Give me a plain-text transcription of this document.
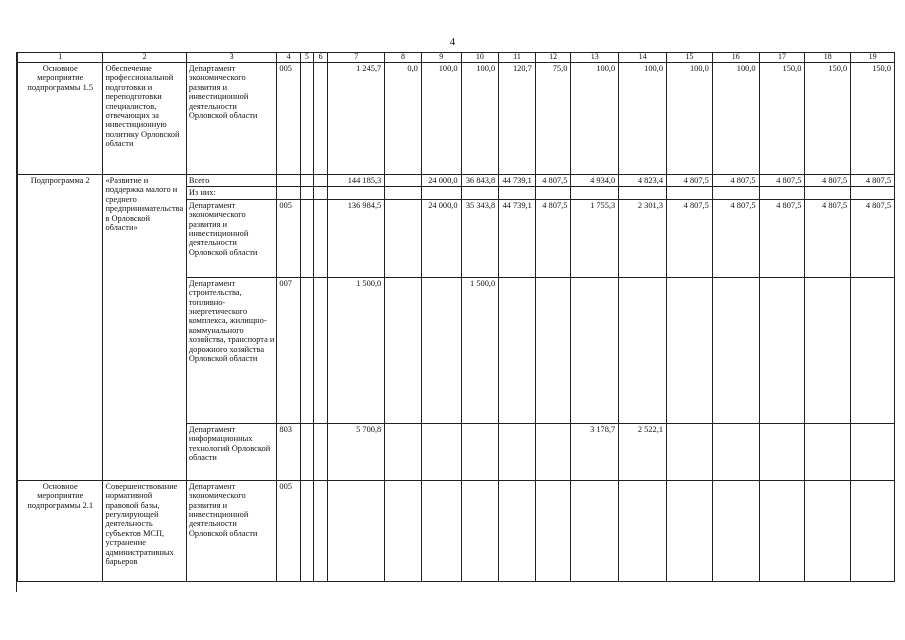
4
1	2	3	4	5	6	7	8	9	10	11	12	13	14	15	16	17	18	19
Основное мероприятие подпрограммы 1.5	Обеспечение профессиональной подготовки и переподготовки специалистов, отвечающих за инвестиционную политику Орловской области	Департамент экономического развития и инвестиционной деятельности Орловской области	005			1 245,7	0,0	100,0	100,0	120,7	75,0	100,0	100,0	100,0	100,0	150,0	150,0	150,0
Подпрограмма 2	«Развитие и поддержка малого и среднего предпринимательства в Орловской области»	Всего				144 185,3		24 000,0	36 843,8	44 739,1	4 807,5	4 934,0	4 823,4	4 807,5	4 807,5	4 807,5	4 807,5	4 807,5
		Из них:																
		Департамент экономического развития и инвестиционной деятельности Орловской области	005			136 984,5		24 000,0	35 343,8	44 739,1	4 807,5	1 755,3	2 301,3	4 807,5	4 807,5	4 807,5	4 807,5	4 807,5
		Департамент строительства, топливно-энергетического комплекса, жилищно-коммунального хозяйства, транспорта и дорожного хозяйства Орловской области	007			1 500,0			1 500,0									
		Департамент информационных технологий Орловской области	803			5 700,8						3 178,7	2 522,1					
Основное мероприятие подпрограммы 2.1	Совершенствование нормативной правовой базы, регулирующей деятельность субъектов МСП, устранение административных барьеров	Департамент экономического развития и инвестиционной деятельности Орловской области	005															
